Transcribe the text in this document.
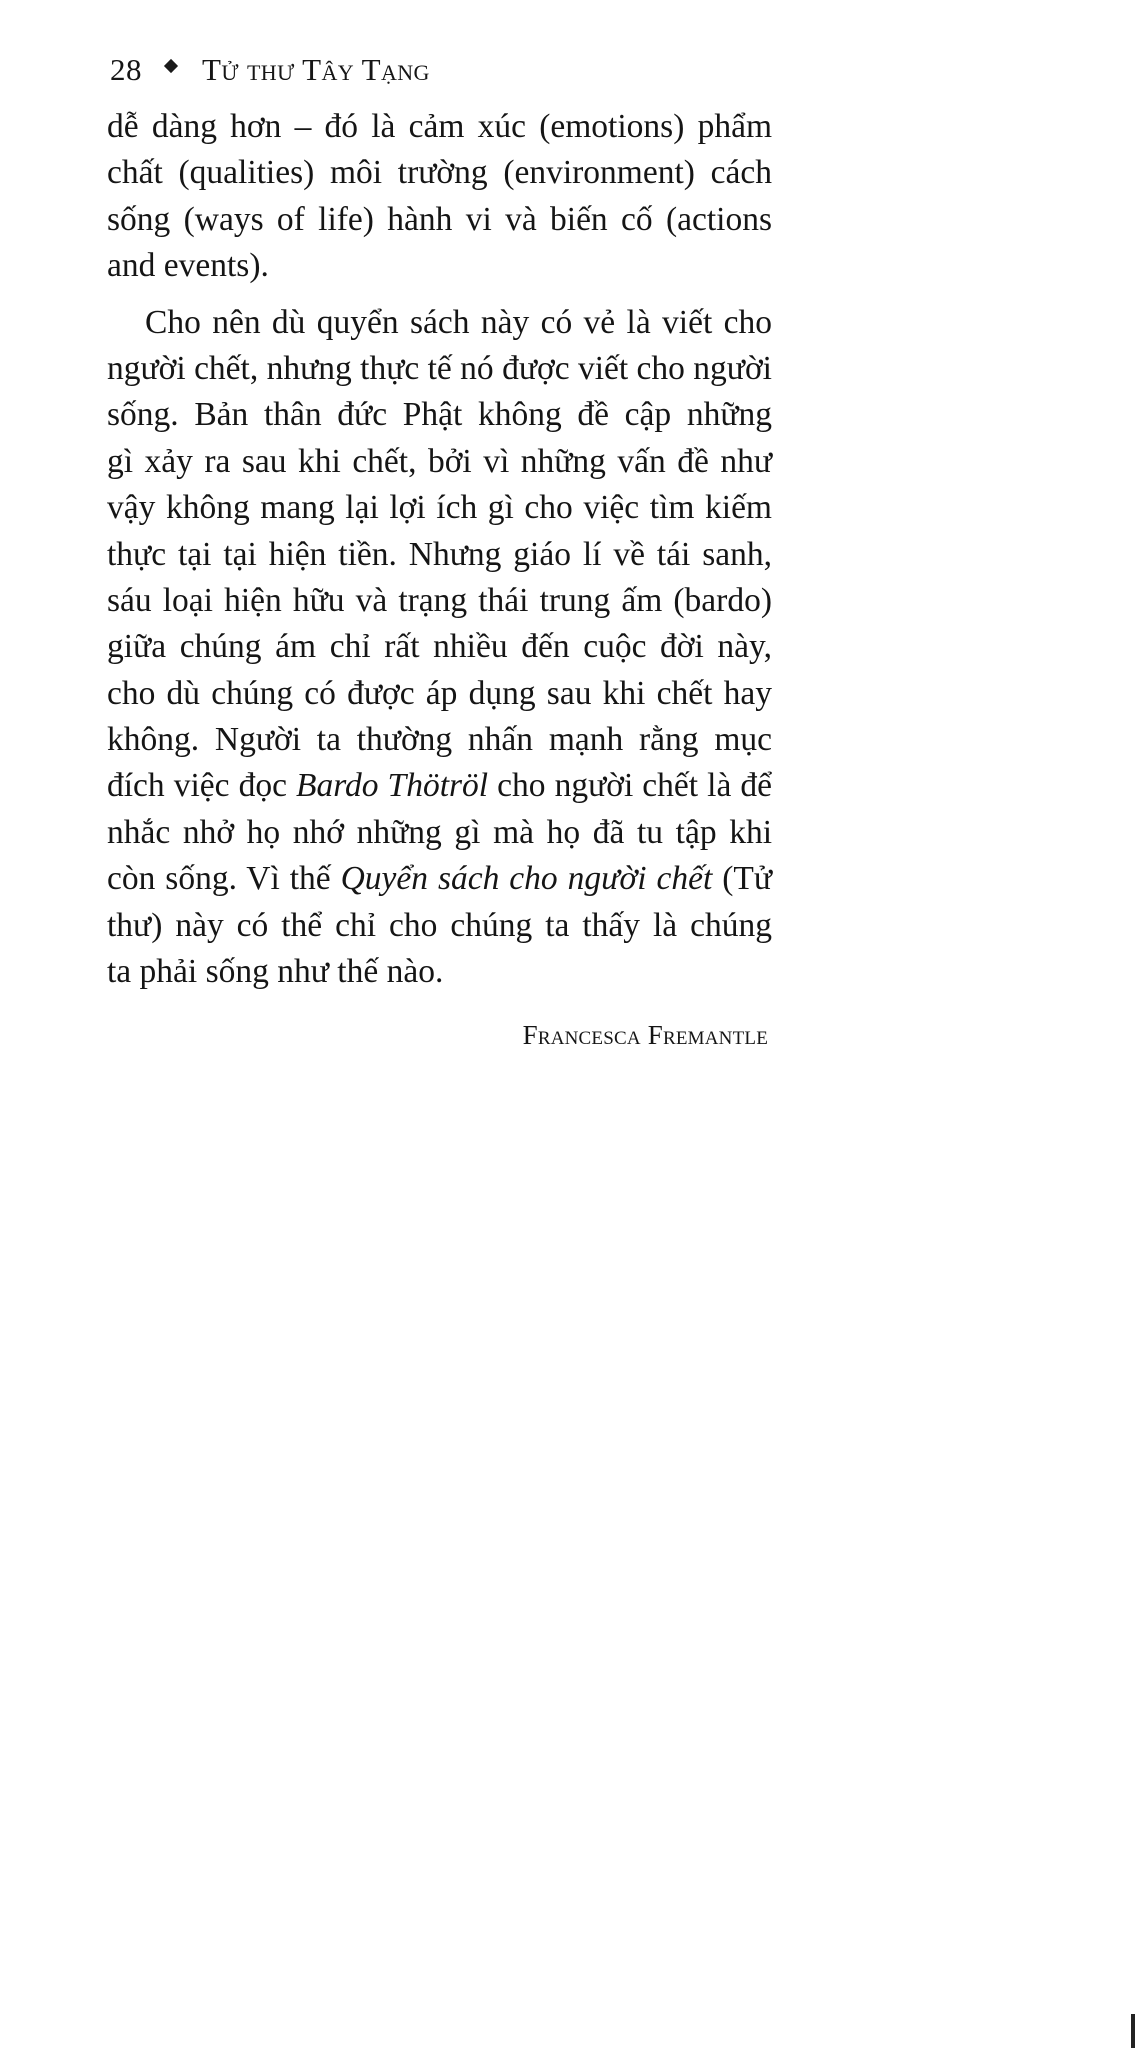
28 Tử thư Tây Tạng
dễ dàng hơn – đó là cảm xúc (emotions) phẩm
chất (qualities) môi trường (environment) cách
sống (ways of life) hành vi và biến cố (actions
and events).
Cho nên dù quyển sách này có vẻ là viết cho
người chết, nhưng thực tế nó được viết cho người
sống. Bản thân đức Phật không đề cập những
gì xảy ra sau khi chết, bởi vì những vấn đề như
vậy không mang lại lợi ích gì cho việc tìm kiếm
thực tại tại hiện tiền. Nhưng giáo lí về tái sanh,
sáu loại hiện hữu và trạng thái trung ấm (bardo)
giữa chúng ám chỉ rất nhiều đến cuộc đời này,
cho dù chúng có được áp dụng sau khi chết hay
không. Người ta thường nhấn mạnh rằng mục
đích việc đọc Bardo Thötröl cho người chết là để
nhắc nhở họ nhớ những gì mà họ đã tu tập khi
còn sống. Vì thế Quyển sách cho người chết (Tử
thư) này có thể chỉ cho chúng ta thấy là chúng
ta phải sống như thế nào.
Francesca Fremantle
